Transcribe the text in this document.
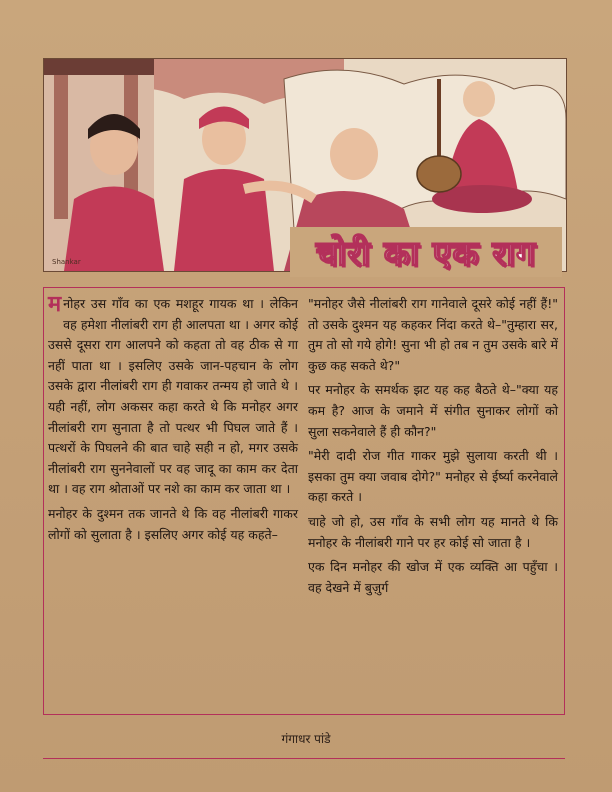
Shankar	चोरी का एक राग

मनोहर उस गाँव का एक मशहूर गायक था । लेकिन वह हमेशा नीलांबरी राग ही आलपता था । अगर कोई उससे दूसरा राग आलपने को कहता तो वह ठीक से गा नहीं पाता था । इसलिए उसके जान-पहचान के लोग उसके द्वारा नीलांबरी राग ही गवाकर तन्मय हो जाते थे । यही नहीं, लोग अकसर कहा करते थे कि मनोहर अगर नीलांबरी राग सुनाता है तो पत्थर भी पिघल जाते हैं । पत्थरों के पिघलने की बात चाहे सही न हो, मगर उसके नीलांबरी राग सुननेवालों पर वह जादू का काम कर देता था । वह राग श्रोताओं पर नशे का काम कर जाता था ।

मनोहर के दुश्मन तक जानते थे कि वह नीलांबरी गाकर लोगों को सुलाता है । इसलिए अगर कोई यह कहते–

"मनोहर जैसे नीलांबरी राग गानेवाले दूसरे कोई नहीं हैं!" तो उसके दुश्मन यह कहकर निंदा करते थे–"तुम्हारा सर, तुम तो सो गये होगे! सुना भी हो तब न तुम उसके बारे में कुछ कह सकते थे?"

पर मनोहर के समर्थक झट यह कह बैठते थे–"क्या यह कम है? आज के जमाने में संगीत सुनाकर लोगों को सुला सकनेवाले हैं ही कौन?"

"मेरी दादी रोज गीत गाकर मुझे सुलाया करती थी । इसका तुम क्या जवाब दोगे?" मनोहर से ईर्ष्या करनेवाले कहा करते ।

चाहे जो हो, उस गाँव के सभी लोग यह मानते थे कि मनोहर के नीलांबरी गाने पर हर कोई सो जाता है ।

एक दिन मनोहर की खोज में एक व्यक्ति आ पहुँचा । वह देखने में बुज़ुर्ग

गंगाधर पांडे
